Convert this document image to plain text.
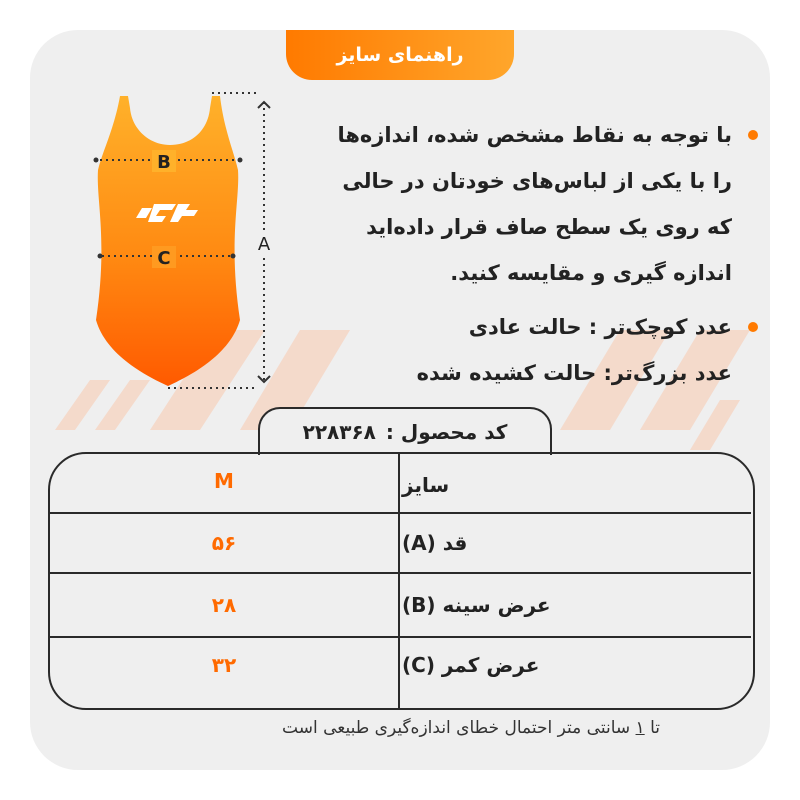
راهنمای سایز
B
C
A
با توجه به نقاط مشخص شده، اندازه‌ها
را با یکی از لباس‌های خودتان در حالی
که روی یک سطح صاف قرار داده‌اید
اندازه گیری و مقایسه کنید.
عدد کوچک‌تر : حالت عادی
عدد بزرگ‌تر: حالت کشیده شده
کد محصول :
۲۲۸۳۶۸
سایز
M
قد (A)
۵۶
عرض سینه (B)
۲۸
عرض کمر (C)
۳۲
تا ۱ سانتی متر احتمال خطای اندازه‌گیری طبیعی است
